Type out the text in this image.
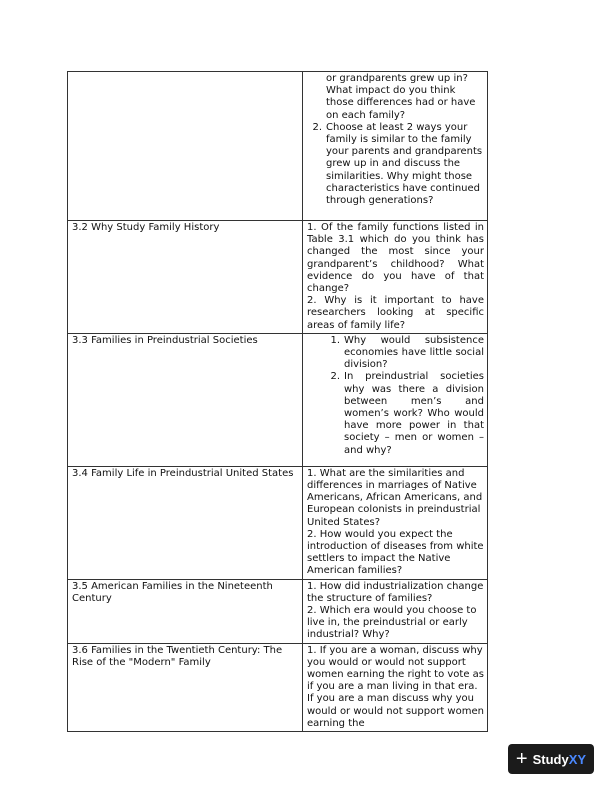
or grandparents grew up in? What impact do you think those differences had or have on each family?

2. Choose at least 2 ways your family is similar to the family your parents and grandparents grew up in and discuss the similarities. Why might those characteristics have continued through generations?

3.2 Why Study Family History	1. Of the family functions listed in Table 3.1 which do you think has changed the most since your grandparent’s childhood? What evidence do you have of that change?

2. Why is it important to have researchers looking at specific areas of family life?

3.3 Families in Preindustrial Societies	1. Why would subsistence economies have little social division?

2. In preindustrial societies why was there a division between men’s and women’s work? Who would have more power in that society – men or women – and why?

3.4 Family Life in Preindustrial United States	1. What are the similarities and differences in marriages of Native Americans, African Americans, and European colonists in preindustrial United States?

2. How would you expect the introduction of diseases from white settlers to impact the Native American families?

3.5 American Families in the Nineteenth Century	1. How did industrialization change the structure of families?

2. Which era would you choose to live in, the preindustrial or early industrial? Why?

3.6 Families in the Twentieth Century: The Rise of the "Modern" Family	1. If you are a woman, discuss why you would or would not support women earning the right to vote as if you are a man living in that era. If you are a man discuss why you would or would not support women earning the

+ Study XY
